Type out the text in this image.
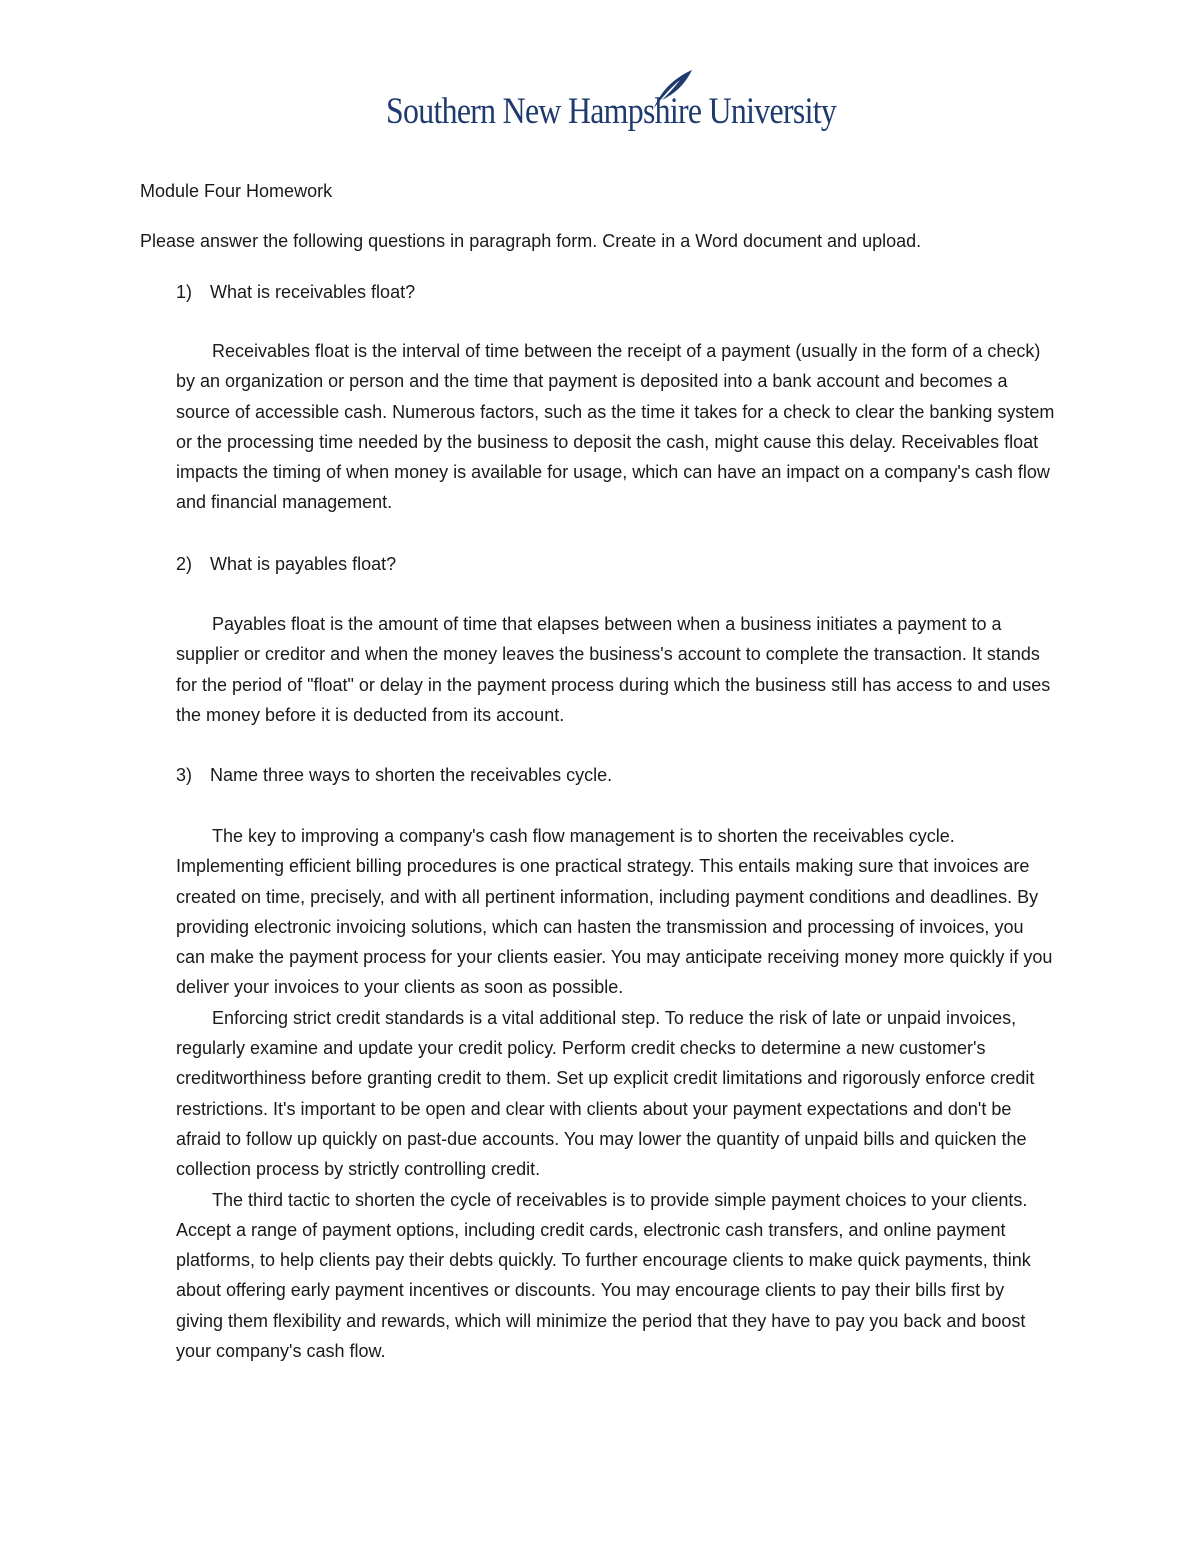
Southern New Hampshire University
Module Four Homework

Please answer the following questions in paragraph form. Create in a Word document and upload.

1) What is receivables float?

Receivables float is the interval of time between the receipt of a payment (usually in the form of a check) by an organization or person and the time that payment is deposited into a bank account and becomes a source of accessible cash. Numerous factors, such as the time it takes for a check to clear the banking system or the processing time needed by the business to deposit the cash, might cause this delay. Receivables float impacts the timing of when money is available for usage, which can have an impact on a company's cash flow and financial management.

2) What is payables float?

Payables float is the amount of time that elapses between when a business initiates a payment to a supplier or creditor and when the money leaves the business's account to complete the transaction. It stands for the period of "float" or delay in the payment process during which the business still has access to and uses the money before it is deducted from its account.

3) Name three ways to shorten the receivables cycle.

The key to improving a company's cash flow management is to shorten the receivables cycle. Implementing efficient billing procedures is one practical strategy. This entails making sure that invoices are created on time, precisely, and with all pertinent information, including payment conditions and deadlines. By providing electronic invoicing solutions, which can hasten the transmission and processing of invoices, you can make the payment process for your clients easier. You may anticipate receiving money more quickly if you deliver your invoices to your clients as soon as possible.

Enforcing strict credit standards is a vital additional step. To reduce the risk of late or unpaid invoices, regularly examine and update your credit policy. Perform credit checks to determine a new customer's creditworthiness before granting credit to them. Set up explicit credit limitations and rigorously enforce credit restrictions. It's important to be open and clear with clients about your payment expectations and don't be afraid to follow up quickly on past-due accounts. You may lower the quantity of unpaid bills and quicken the collection process by strictly controlling credit.

The third tactic to shorten the cycle of receivables is to provide simple payment choices to your clients. Accept a range of payment options, including credit cards, electronic cash transfers, and online payment platforms, to help clients pay their debts quickly. To further encourage clients to make quick payments, think about offering early payment incentives or discounts. You may encourage clients to pay their bills first by giving them flexibility and rewards, which will minimize the period that they have to pay you back and boost your company's cash flow.
